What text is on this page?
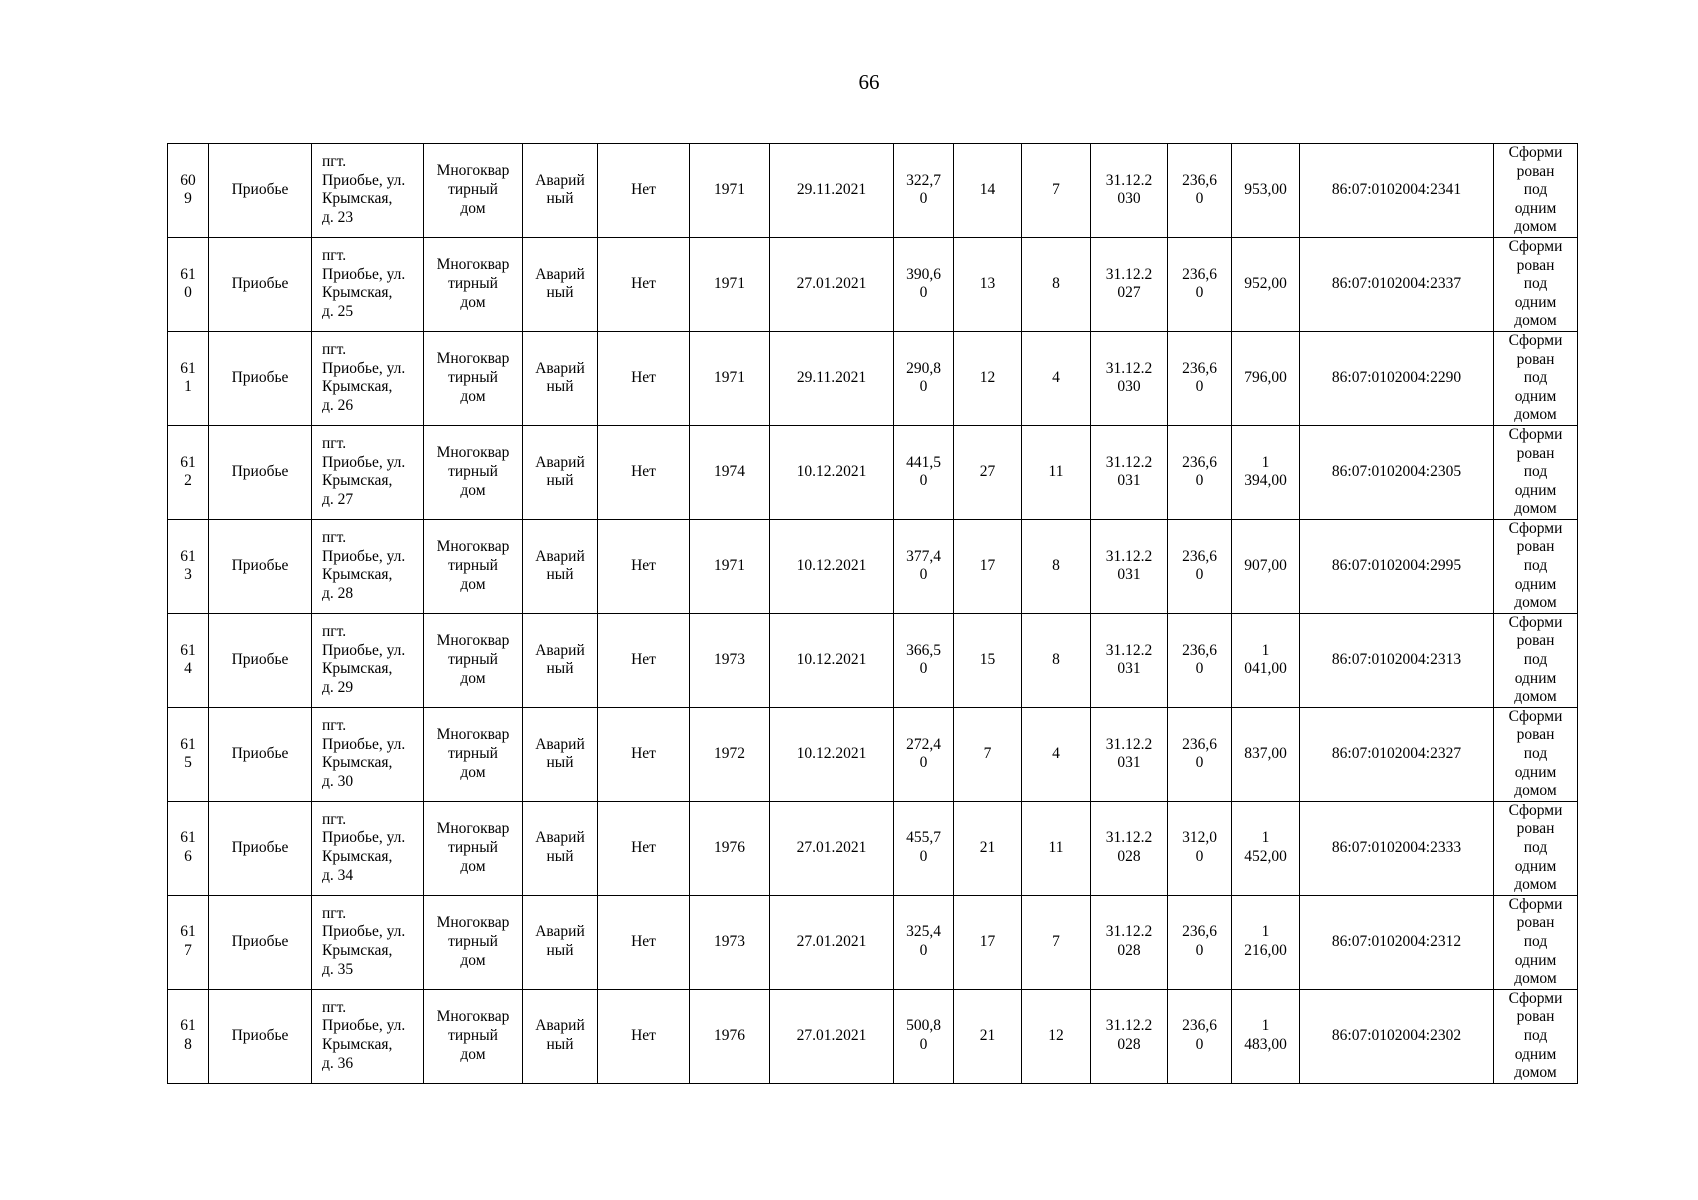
66
60
9	Приобье	пгт.
Приобье, ул.
Крымская,
д. 23	Многоквар
тирный
дом	Аварий
ный	Нет	1971	29.11.2021	322,7
0	14	7	31.12.2
030	236,6
0	953,00	86:07:0102004:2341	Сформи
рован
под
одним
домом

61
0	Приобье	пгт.
Приобье, ул.
Крымская,
д. 25	Многоквар
тирный
дом	Аварий
ный	Нет	1971	27.01.2021	390,6
0	13	8	31.12.2
027	236,6
0	952,00	86:07:0102004:2337	Сформи
рован
под
одним
домом

61
1	Приобье	пгт.
Приобье, ул.
Крымская,
д. 26	Многоквар
тирный
дом	Аварий
ный	Нет	1971	29.11.2021	290,8
0	12	4	31.12.2
030	236,6
0	796,00	86:07:0102004:2290	Сформи
рован
под
одним
домом

61
2	Приобье	пгт.
Приобье, ул.
Крымская,
д. 27	Многоквар
тирный
дом	Аварий
ный	Нет	1974	10.12.2021	441,5
0	27	11	31.12.2
031	236,6
0	1
394,00	86:07:0102004:2305	Сформи
рован
под
одним
домом

61
3	Приобье	пгт.
Приобье, ул.
Крымская,
д. 28	Многоквар
тирный
дом	Аварий
ный	Нет	1971	10.12.2021	377,4
0	17	8	31.12.2
031	236,6
0	907,00	86:07:0102004:2995	Сформи
рован
под
одним
домом

61
4	Приобье	пгт.
Приобье, ул.
Крымская,
д. 29	Многоквар
тирный
дом	Аварий
ный	Нет	1973	10.12.2021	366,5
0	15	8	31.12.2
031	236,6
0	1
041,00	86:07:0102004:2313	Сформи
рован
под
одним
домом

61
5	Приобье	пгт.
Приобье, ул.
Крымская,
д. 30	Многоквар
тирный
дом	Аварий
ный	Нет	1972	10.12.2021	272,4
0	7	4	31.12.2
031	236,6
0	837,00	86:07:0102004:2327	Сформи
рован
под
одним
домом

61
6	Приобье	пгт.
Приобье, ул.
Крымская,
д. 34	Многоквар
тирный
дом	Аварий
ный	Нет	1976	27.01.2021	455,7
0	21	11	31.12.2
028	312,0
0	1
452,00	86:07:0102004:2333	Сформи
рован
под
одним
домом

61
7	Приобье	пгт.
Приобье, ул.
Крымская,
д. 35	Многоквар
тирный
дом	Аварий
ный	Нет	1973	27.01.2021	325,4
0	17	7	31.12.2
028	236,6
0	1
216,00	86:07:0102004:2312	Сформи
рован
под
одним
домом

61
8	Приобье	пгт.
Приобье, ул.
Крымская,
д. 36	Многоквар
тирный
дом	Аварий
ный	Нет	1976	27.01.2021	500,8
0	21	12	31.12.2
028	236,6
0	1
483,00	86:07:0102004:2302	Сформи
рован
под
одним
домом
